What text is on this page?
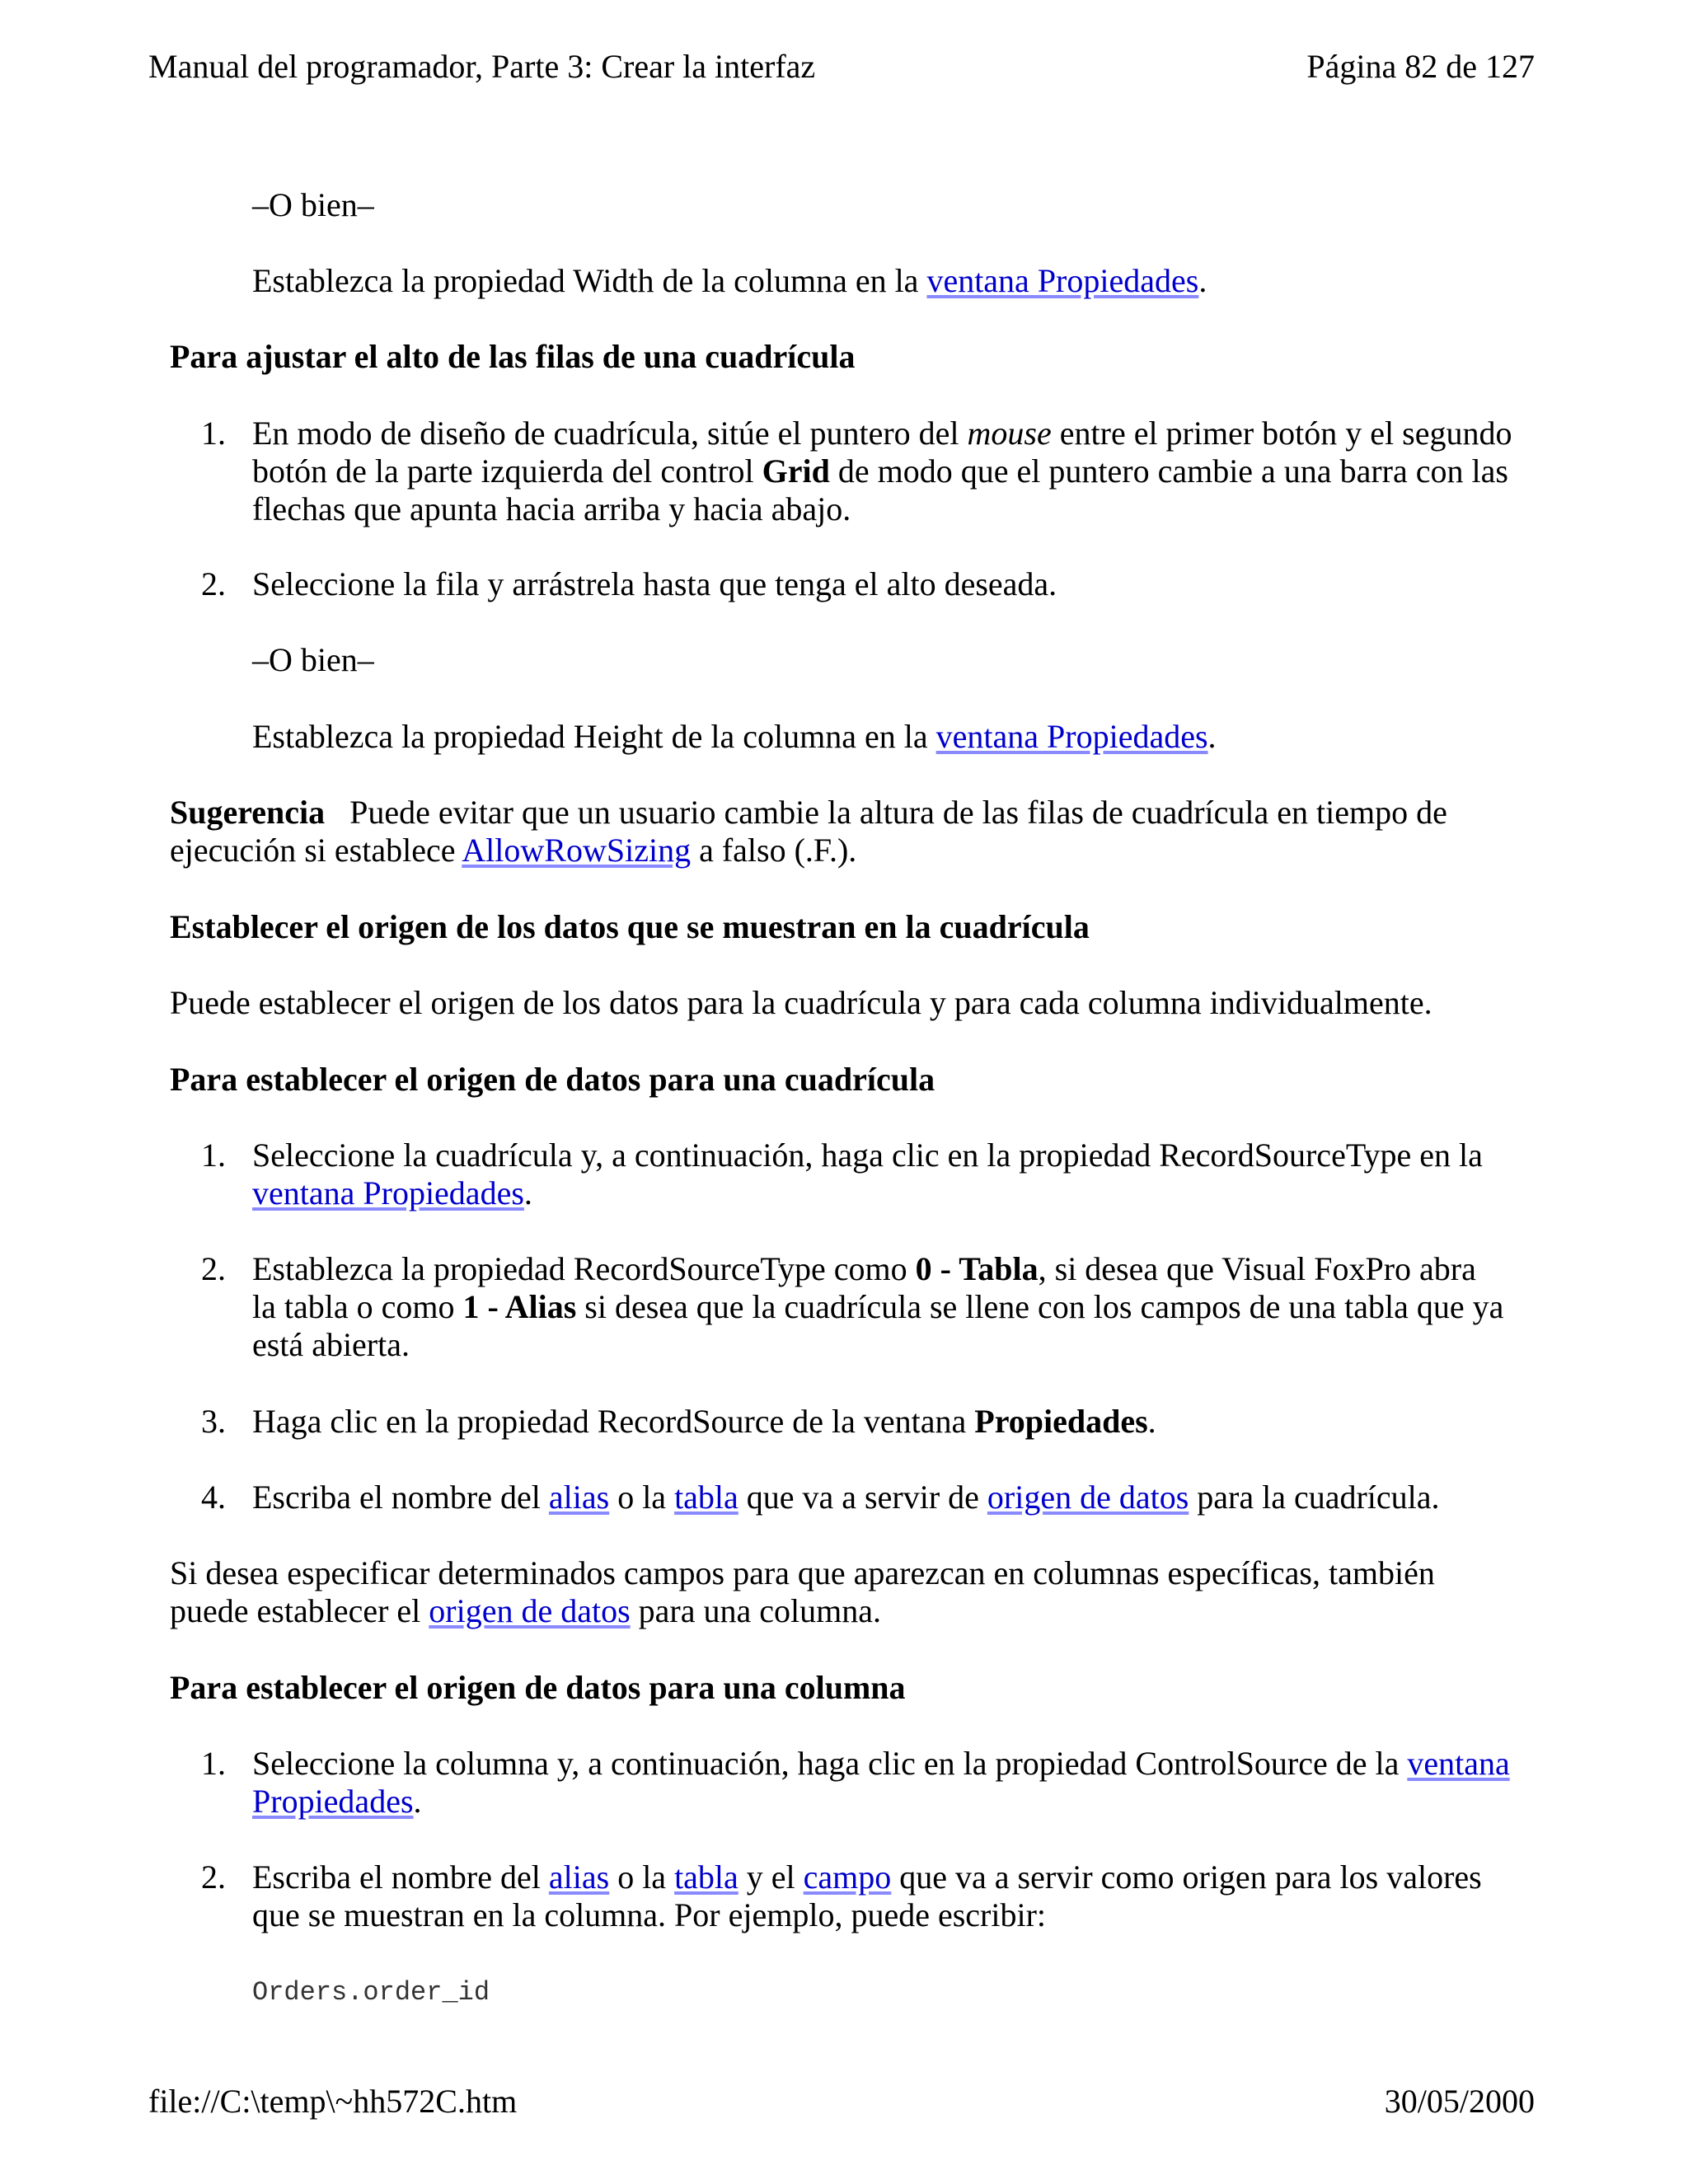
Manual del programador, Parte 3: Crear la interfaz	Página 82 de 127

–O bien–

Establezca la propiedad Width de la columna en la ventana Propiedades.

Para ajustar el alto de las filas de una cuadrícula

1. En modo de diseño de cuadrícula, sitúe el puntero del mouse entre el primer botón y el segundo
botón de la parte izquierda del control Grid de modo que el puntero cambie a una barra con las
flechas que apunta hacia arriba y hacia abajo.

2. Seleccione la fila y arrástrela hasta que tenga el alto deseada.

–O bien–

Establezca la propiedad Height de la columna en la ventana Propiedades.

Sugerencia   Puede evitar que un usuario cambie la altura de las filas de cuadrícula en tiempo de
ejecución si establece AllowRowSizing a falso (.F.).

Establecer el origen de los datos que se muestran en la cuadrícula

Puede establecer el origen de los datos para la cuadrícula y para cada columna individualmente.

Para establecer el origen de datos para una cuadrícula

1. Seleccione la cuadrícula y, a continuación, haga clic en la propiedad RecordSourceType en la
ventana Propiedades.

2. Establezca la propiedad RecordSourceType como 0 - Tabla, si desea que Visual FoxPro abra
la tabla o como 1 - Alias si desea que la cuadrícula se llene con los campos de una tabla que ya
está abierta.

3. Haga clic en la propiedad RecordSource de la ventana Propiedades.

4. Escriba el nombre del alias o la tabla que va a servir de origen de datos para la cuadrícula.

Si desea especificar determinados campos para que aparezcan en columnas específicas, también
puede establecer el origen de datos para una columna.

Para establecer el origen de datos para una columna

1. Seleccione la columna y, a continuación, haga clic en la propiedad ControlSource de la ventana
Propiedades.

2. Escriba el nombre del alias o la tabla y el campo que va a servir como origen para los valores
que se muestran en la columna. Por ejemplo, puede escribir:

Orders.order_id

file://C:\temp\~hh572C.htm	30/05/2000
